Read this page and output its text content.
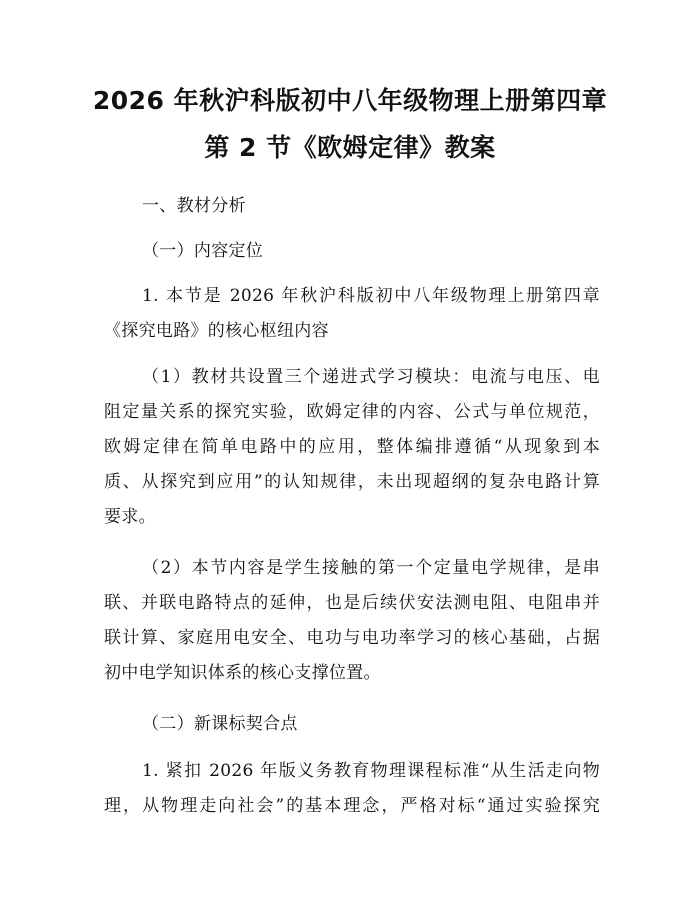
2026 年秋沪科版初中八年级物理上册第四章
第 2 节《欧姆定律》教案

一、教材分析

（一）内容定位

1. 本节是 2026 年秋沪科版初中八年级物理上册第四章

《探究电路》的核心枢纽内容

（1）教材共设置三个递进式学习模块：电流与电压、电

阻定量关系的探究实验，欧姆定律的内容、公式与单位规范，

欧姆定律在简单电路中的应用，整体编排遵循“从现象到本

质、从探究到应用”的认知规律，未出现超纲的复杂电路计算

要求。

（2）本节内容是学生接触的第一个定量电学规律，是串

联、并联电路特点的延伸，也是后续伏安法测电阻、电阻串并

联计算、家庭用电安全、电功与电功率学习的核心基础，占据

初中电学知识体系的核心支撑位置。

（二）新课标契合点

1. 紧扣 2026 年版义务教育物理课程标准“从生活走向物

理，从物理走向社会”的基本理念，严格对标“通过实验探究
